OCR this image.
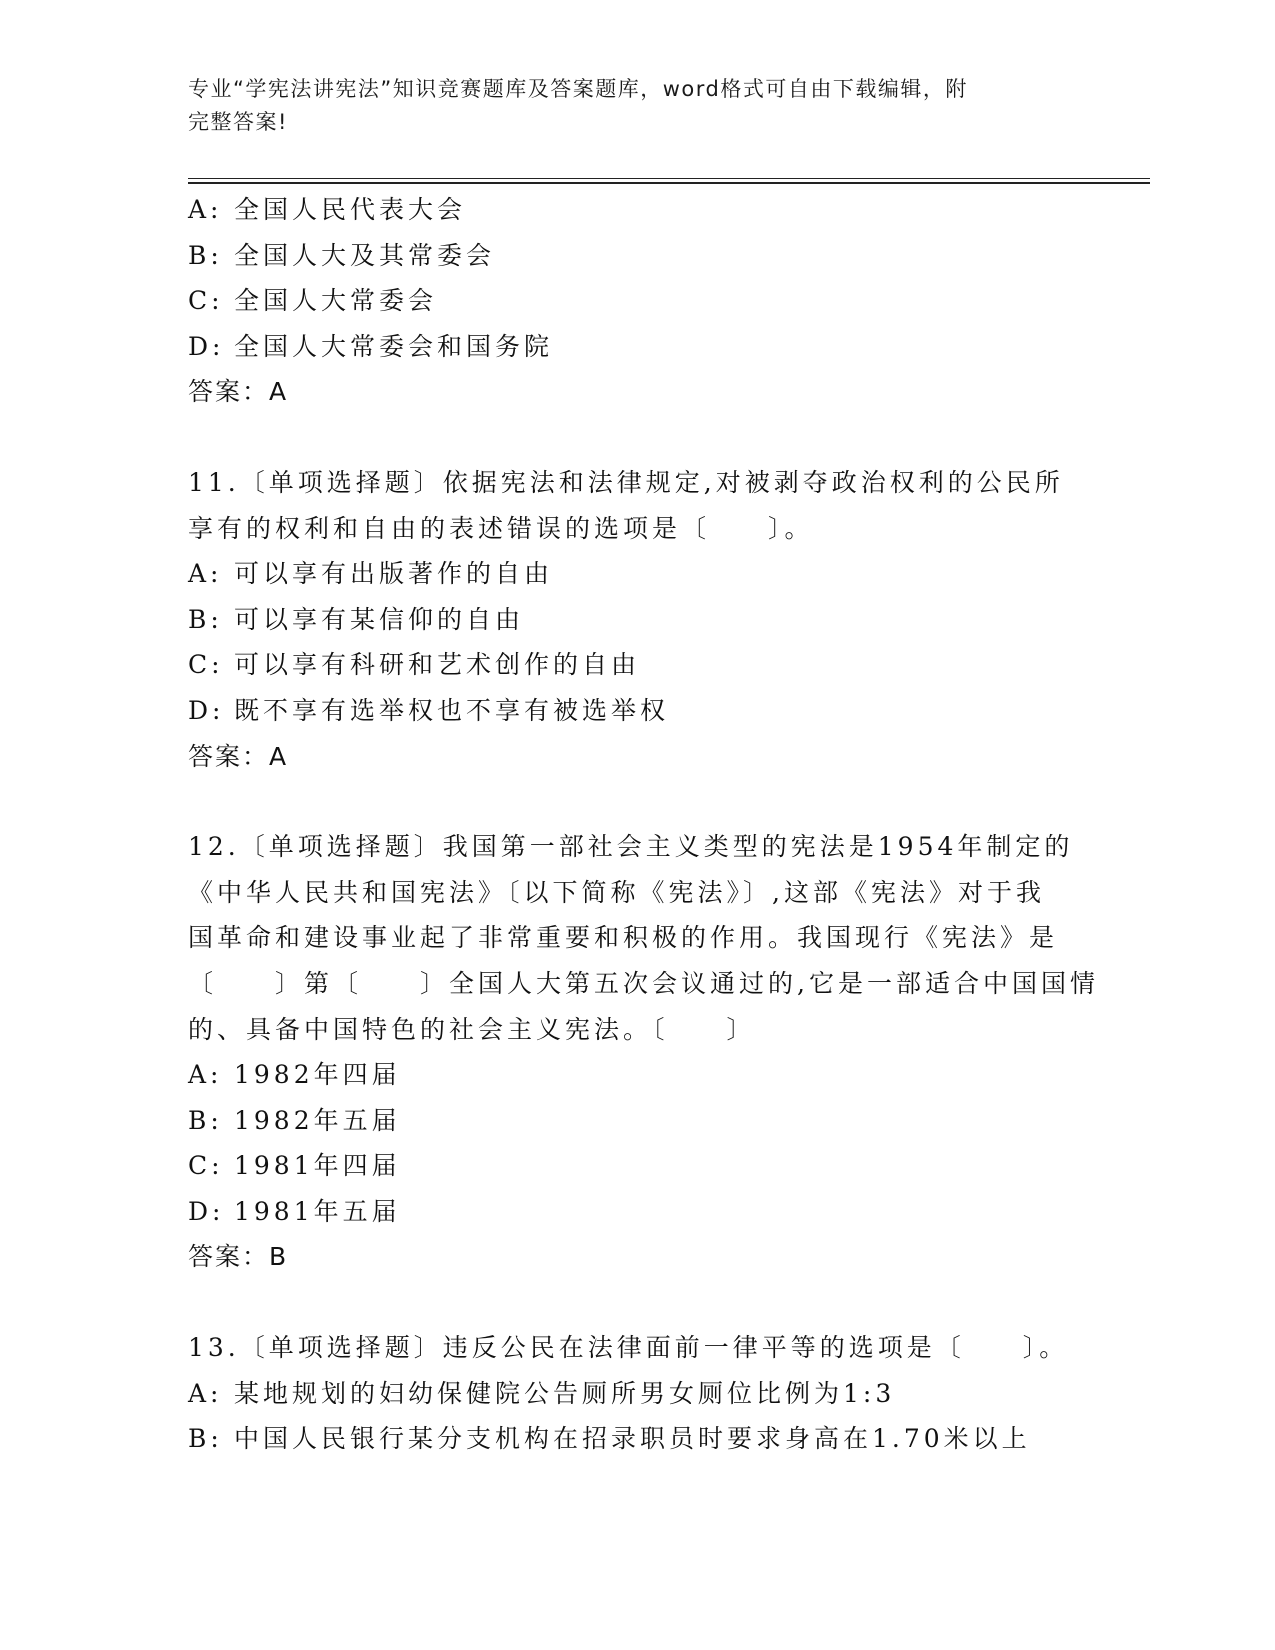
专业“学宪法讲宪法”知识竞赛题库及答案题库，word格式可自由下载编辑，附
完整答案!
A: 全国人民代表大会
B: 全国人大及其常委会
C: 全国人大常委会
D: 全国人大常委会和国务院
答案：A
11.〔单项选择题〕依据宪法和法律规定,对被剥夺政治权利的公民所
享有的权利和自由的表述错误的选项是〔　　〕。
A: 可以享有出版著作的自由
B: 可以享有某信仰的自由
C: 可以享有科研和艺术创作的自由
D: 既不享有选举权也不享有被选举权
答案：A
12.〔单项选择题〕我国第一部社会主义类型的宪法是1954年制定的
《中华人民共和国宪法》〔以下简称《宪法》〕,这部《宪法》对于我
国革命和建设事业起了非常重要和积极的作用。我国现行《宪法》是
〔　　〕第〔　　〕全国人大第五次会议通过的,它是一部适合中国国情
的、具备中国特色的社会主义宪法。〔　　〕
A: 1982年四届
B: 1982年五届
C: 1981年四届
D: 1981年五届
答案：B
13.〔单项选择题〕违反公民在法律面前一律平等的选项是〔　　〕。
A: 某地规划的妇幼保健院公告厕所男女厕位比例为1:3
B: 中国人民银行某分支机构在招录职员时要求身高在1.70米以上
